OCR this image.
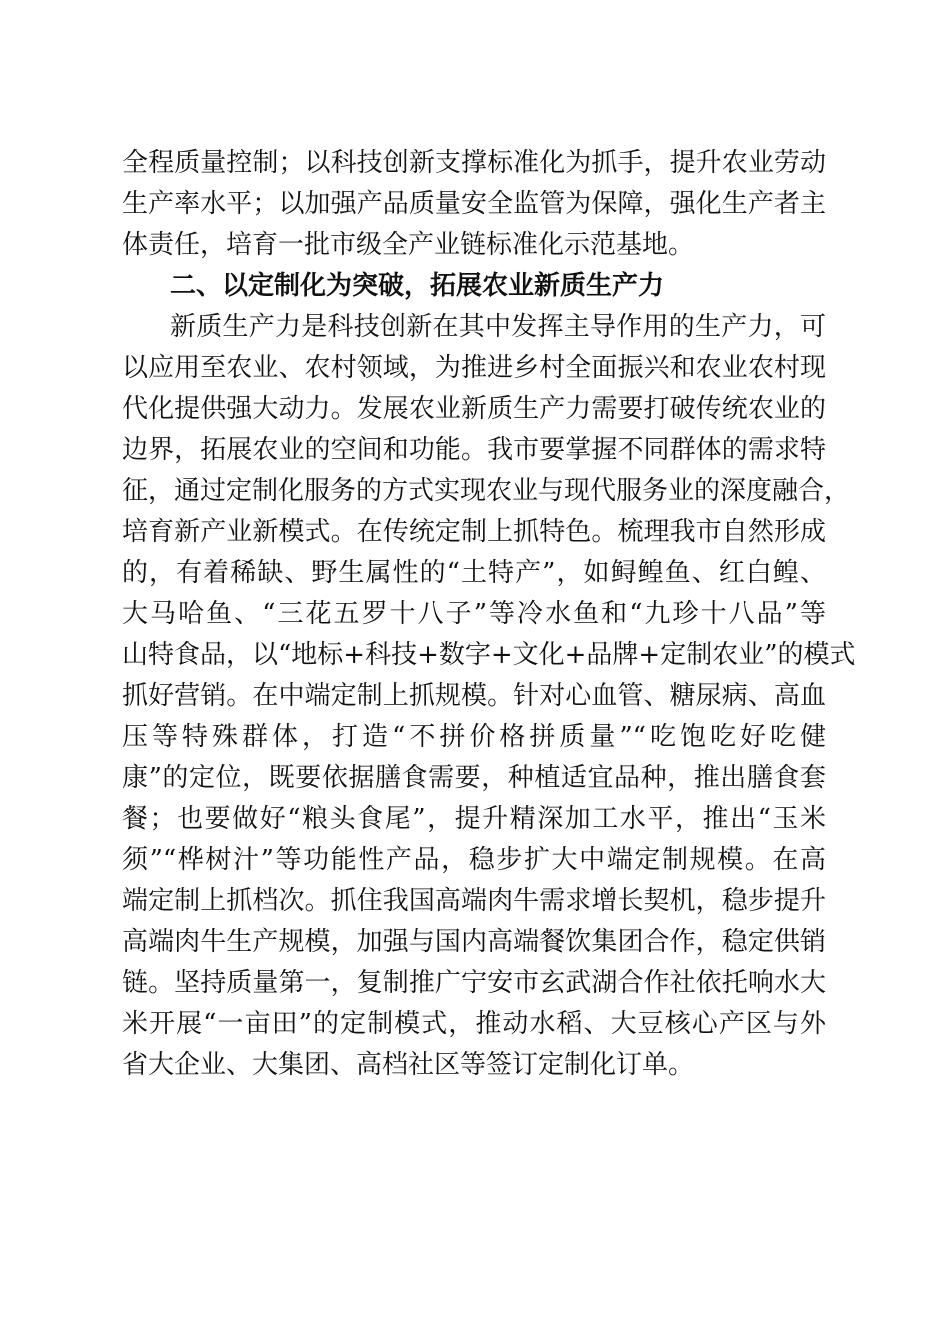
全程质量控制；以科技创新支撑标准化为抓手，提升农业劳动
生产率水平；以加强产品质量安全监管为保障，强化生产者主
体责任，培育一批市级全产业链标准化示范基地。
二、以定制化为突破，拓展农业新质生产力
新质生产力是科技创新在其中发挥主导作用的生产力，可
以应用至农业、农村领域，为推进乡村全面振兴和农业农村现
代化提供强大动力。发展农业新质生产力需要打破传统农业的
边界，拓展农业的空间和功能。我市要掌握不同群体的需求特
征，通过定制化服务的方式实现农业与现代服务业的深度融合，
培育新产业新模式。在传统定制上抓特色。梳理我市自然形成
的，有着稀缺、野生属性的“土特产”，如鲟鳇鱼、红白鳇、
大马哈鱼、“三花五罗十八子”等冷水鱼和“九珍十八品”等
山特食品，以“地标+科技+数字+文化+品牌+定制农业”的模式
抓好营销。在中端定制上抓规模。针对心血管、糖尿病、高血
压等特殊群体，打造“不拼价格拼质量”“吃饱吃好吃健
康”的定位，既要依据膳食需要，种植适宜品种，推出膳食套
餐；也要做好“粮头食尾”，提升精深加工水平，推出“玉米
须”“桦树汁”等功能性产品，稳步扩大中端定制规模。在高
端定制上抓档次。抓住我国高端肉牛需求增长契机，稳步提升
高端肉牛生产规模，加强与国内高端餐饮集团合作，稳定供销
链。坚持质量第一，复制推广宁安市玄武湖合作社依托响水大
米开展“一亩田”的定制模式，推动水稻、大豆核心产区与外
省大企业、大集团、高档社区等签订定制化订单。
